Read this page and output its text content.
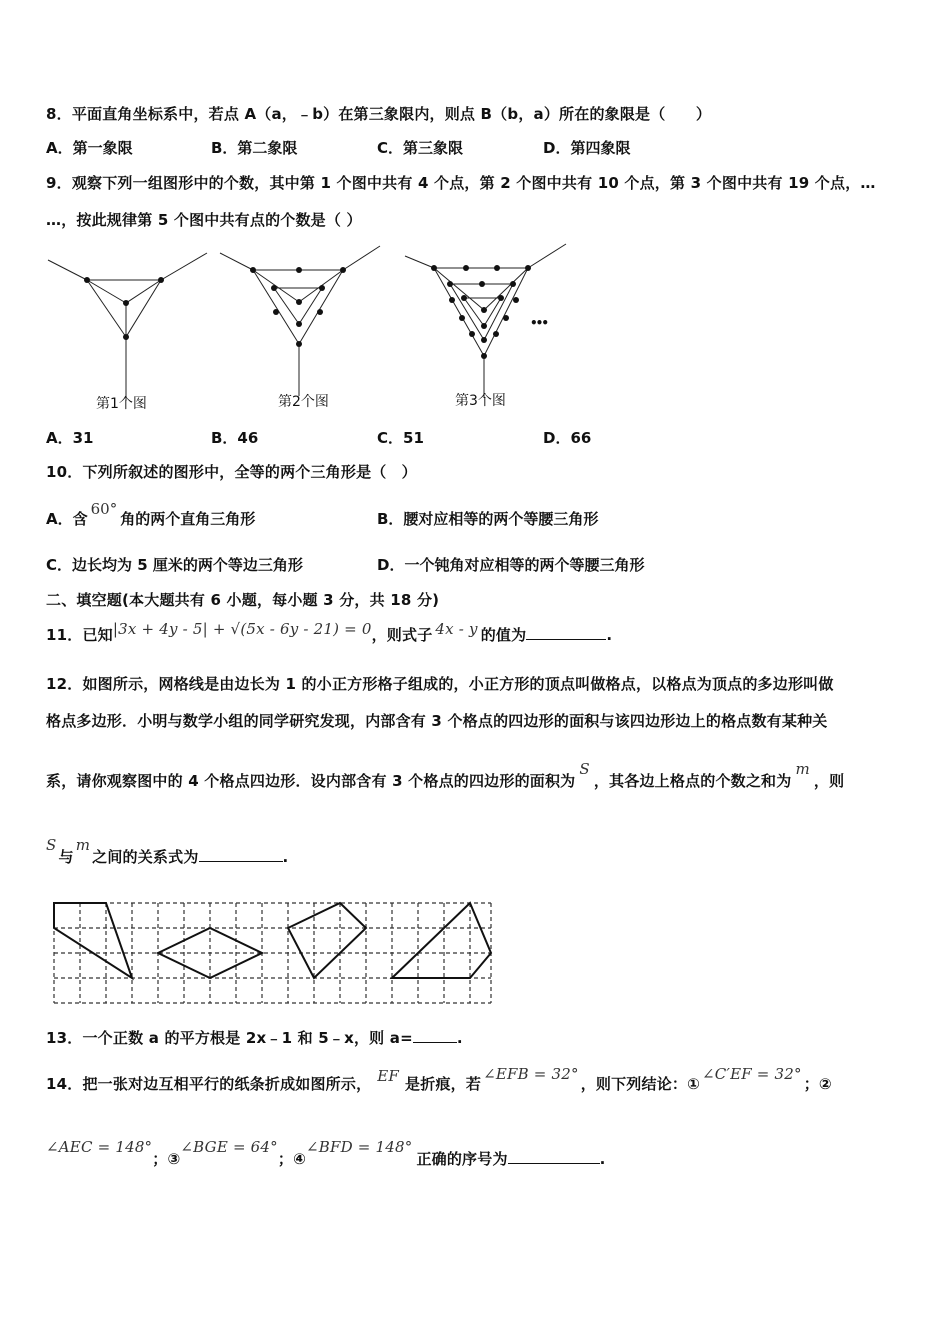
8．平面直角坐标系中，若点 A（a，﹣b）在第三象限内，则点 B（b，a）所在的象限是（　　）
A．第一象限	B．第二象限	C．第三象限	D．第四象限
9．观察下列一组图形中的个数，其中第 1 个图中共有 4 个点，第 2 个图中共有 10 个点，第 3 个图中共有 19 个点，…
…，按此规律第 5 个图中共有点的个数是（ ）
第1个图	第2个图
•••
第3个图
A．31	B．46	C．51	D．66
10．下列所叙述的图形中，全等的两个三角形是（　）
A．含60°角的两个直角三角形	B．腰对应相等的两个等腰三角形
C．边长均为 5 厘米的两个等边三角形	D．一个钝角对应相等的两个等腰三角形
二、填空题(本大题共有 6 小题，每小题 3 分，共 18 分)
11．已知|3x + 4y - 5| + √(5x - 6y - 21) = 0，则式子 4x - y 的值为	.
12．如图所示，网格线是由边长为 1 的小正方形格子组成的，小正方形的顶点叫做格点，以格点为顶点的多边形叫做
格点多边形．小明与数学小组的同学研究发现，内部含有 3 个格点的四边形的面积与该四边形边上的格点数有某种关
系，请你观察图中的 4 个格点四边形．设内部含有 3 个格点的四边形的面积为S，其各边上格点的个数之和为m，则
S与m之间的关系式为	.
13．一个正数 a 的平方根是 2x﹣1 和 5﹣x，则 a=	.
14．把一张对边互相平行的纸条折成如图所示， EF 是折痕，若∠EFB = 32°，则下列结论：①∠C′EF = 32°；②
∠AEC = 148°；③∠BGE = 64°；④∠BFD = 148°正确的序号为	.
